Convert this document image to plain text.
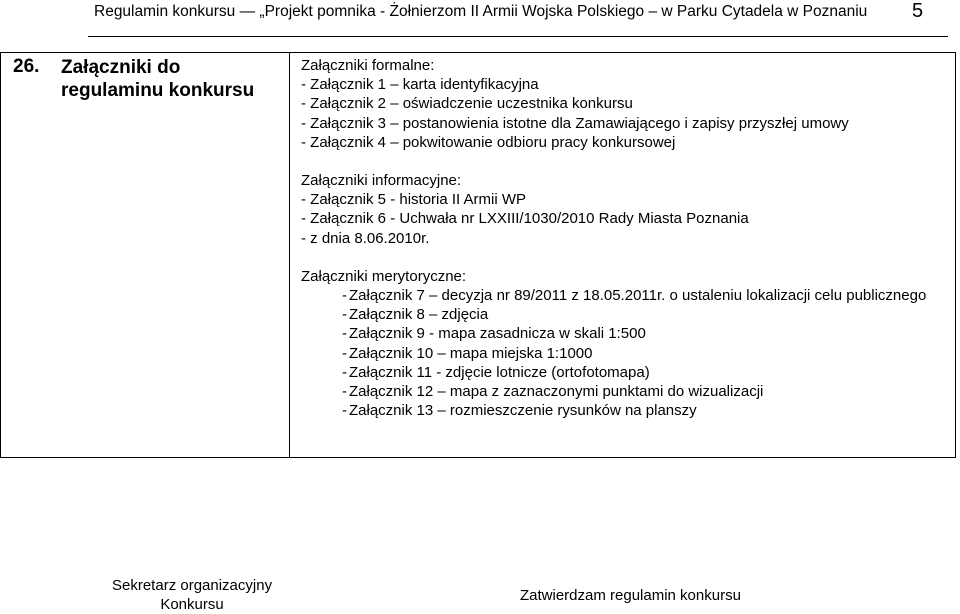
Regulamin konkursu — „Projekt pomnika - Żołnierzom II Armii Wojska Polskiego – w Parku Cytadela w Poznaniu 5
26. Załączniki do
regulaminu konkursu

Załączniki formalne:
- Załącznik 1 – karta identyfikacyjna
- Załącznik 2 – oświadczenie uczestnika konkursu
- Załącznik 3 – postanowienia istotne dla Zamawiającego i zapisy przyszłej umowy
- Załącznik 4 – pokwitowanie odbioru pracy konkursowej
Załączniki informacyjne:
- Załącznik 5 - historia II Armii WP
- Załącznik 6 - Uchwała nr LXXIII/1030/2010 Rady Miasta Poznania
- z dnia 8.06.2010r.
Załączniki merytoryczne:
- Załącznik 7 – decyzja nr 89/2011 z 18.05.2011r. o ustaleniu lokalizacji celu publicznego
- Załącznik 8 – zdjęcia
- Załącznik 9 - mapa zasadnicza w skali 1:500
- Załącznik 10 – mapa miejska 1:1000
- Załącznik 11 - zdjęcie lotnicze (ortofotomapa)
- Załącznik 12 – mapa z zaznaczonymi punktami do wizualizacji
- Załącznik 13 – rozmieszczenie rysunków na planszy
Sekretarz organizacyjny
Konkursu
Zatwierdzam regulamin konkursu
